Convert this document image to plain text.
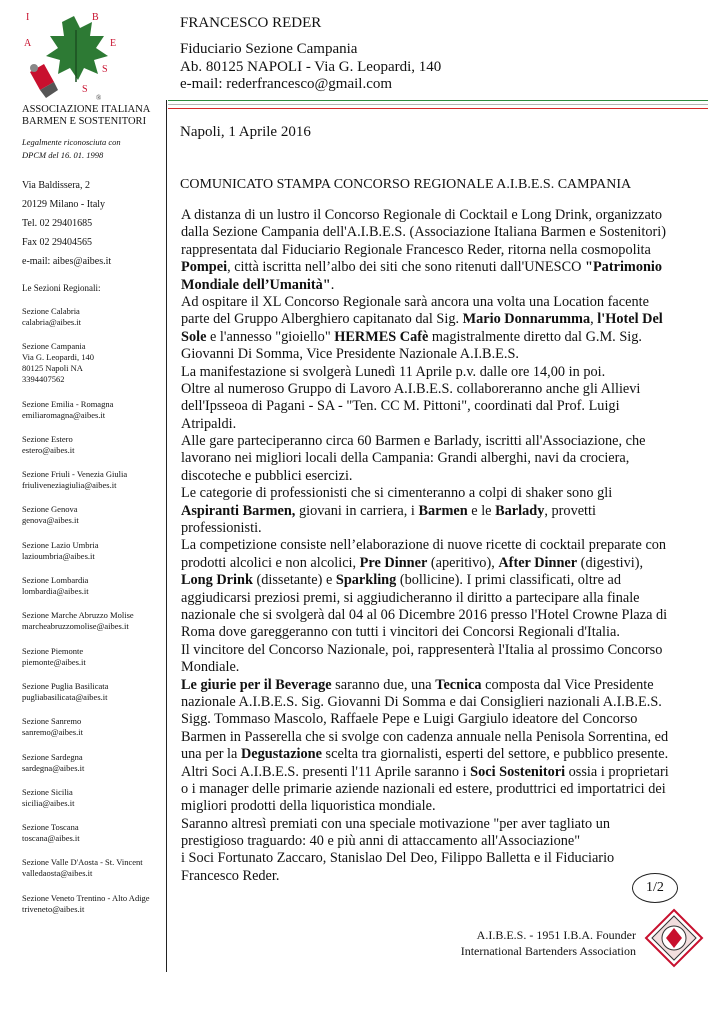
I	B
A	E
S
S
®
ASSOCIAZIONE ITALIANA
BARMEN E SOSTENITORI
Legalmente riconosciuta con
DPCM del 16. 01. 1998
Via Baldissera, 2
20129 Milano - Italy
Tel. 02 29401685
Fax 02 29404565
e-mail: aibes@aibes.it
Le Sezioni Regionali:
Sezione Calabria
calabria@aibes.it
Sezione Campania
Via G. Leopardi, 140
80125 Napoli NA
3394407562
Sezione Emilia - Romagna
emiliaromagna@aibes.it
Sezione Estero
estero@aibes.it
Sezione Friuli - Venezia Giulia
friuliveneziagiulia@aibes.it
Sezione Genova
genova@aibes.it
Sezione Lazio Umbria
lazioumbria@aibes.it
Sezione Lombardia
lombardia@aibes.it
Sezione Marche Abruzzo Molise
marcheabruzzomolise@aibes.it
Sezione Piemonte
piemonte@aibes.it
Sezione Puglia Basilicata
pugliabasilicata@aibes.it
Sezione Sanremo
sanremo@aibes.it
Sezione Sardegna
sardegna@aibes.it
Sezione Sicilia
sicilia@aibes.it
Sezione Toscana
toscana@aibes.it
Sezione Valle D'Aosta - St. Vincent
valledaosta@aibes.it
Sezione Veneto Trentino - Alto Adige
triveneto@aibes.it
FRANCESCO REDER
Fiduciario Sezione Campania
Ab. 80125 NAPOLI - Via G. Leopardi, 140
e-mail: rederfrancesco@gmail.com
Napoli, 1 Aprile 2016
COMUNICATO STAMPA CONCORSO REGIONALE A.I.B.E.S. CAMPANIA
A distanza di un lustro il Concorso Regionale di Cocktail e Long Drink, organizzato
dalla Sezione Campania dell'A.I.B.E.S. (Associazione Italiana Barmen e Sostenitori)
rappresentata dal Fiduciario Regionale Francesco Reder, ritorna nella cosmopolita
Pompei, città iscritta nell’albo dei siti che sono ritenuti dall'UNESCO "Patrimonio
Mondiale dell’Umanità".
Ad ospitare il XL Concorso Regionale sarà ancora una volta una Location facente
parte del Gruppo Alberghiero capitanato dal Sig. Mario Donnarumma, l'Hotel Del
Sole e l'annesso "gioiello" HERMES Cafè magistralmente diretto dal G.M. Sig.
Giovanni Di Somma, Vice Presidente Nazionale A.I.B.E.S.
La manifestazione si svolgerà Lunedì 11 Aprile p.v. dalle ore 14,00 in poi.
Oltre al numeroso Gruppo di Lavoro A.I.B.E.S. collaboreranno anche gli Allievi
dell'Ipsseoa di Pagani - SA - "Ten. CC M. Pittoni", coordinati dal Prof. Luigi
Atripaldi.
Alle gare parteciperanno circa 60 Barmen e Barlady, iscritti all'Associazione, che
lavorano nei migliori locali della Campania: Grandi alberghi, navi da crociera,
discoteche e pubblici esercizi.
Le categorie di professionisti che si cimenteranno a colpi di shaker sono gli
Aspiranti Barmen, giovani in carriera, i Barmen e le Barlady, provetti
professionisti.
La competizione consiste nell’elaborazione di nuove ricette di cocktail preparate con
prodotti alcolici e non alcolici, Pre Dinner (aperitivo), After Dinner (digestivi),
Long Drink (dissetante) e Sparkling (bollicine). I primi classificati, oltre ad
aggiudicarsi preziosi premi, si aggiudicheranno il diritto a partecipare alla finale
nazionale che si svolgerà dal 04 al 06 Dicembre 2016 presso l'Hotel Crowne Plaza di
Roma dove gareggeranno con tutti i vincitori dei Concorsi Regionali d'Italia.
Il vincitore del Concorso Nazionale, poi, rappresenterà l'Italia al prossimo Concorso
Mondiale.
Le giurie per il Beverage saranno due, una Tecnica composta dal Vice Presidente
nazionale A.I.B.E.S. Sig. Giovanni Di Somma e dai Consiglieri nazionali A.I.B.E.S.
Sigg. Tommaso Mascolo, Raffaele Pepe e Luigi Gargiulo ideatore del Concorso
Barmen in Passerella che si svolge con cadenza annuale nella Penisola Sorrentina, ed
una per la Degustazione scelta tra giornalisti, esperti del settore, e pubblico presente.
Altri Soci A.I.B.E.S. presenti l'11 Aprile saranno i Soci Sostenitori ossia i proprietari
o i manager delle primarie aziende nazionali ed estere, produttrici ed importatrici dei
migliori prodotti della liquoristica mondiale.
Saranno altresì premiati con una speciale motivazione "per aver tagliato un
prestigioso traguardo: 40 e più anni di attaccamento all'Associazione"
i Soci Fortunato Zaccaro, Stanislao Del Deo, Filippo Balletta e il Fiduciario
Francesco Reder.
1/2
A.I.B.E.S. - 1951 I.B.A. Founder
International Bartenders Association
